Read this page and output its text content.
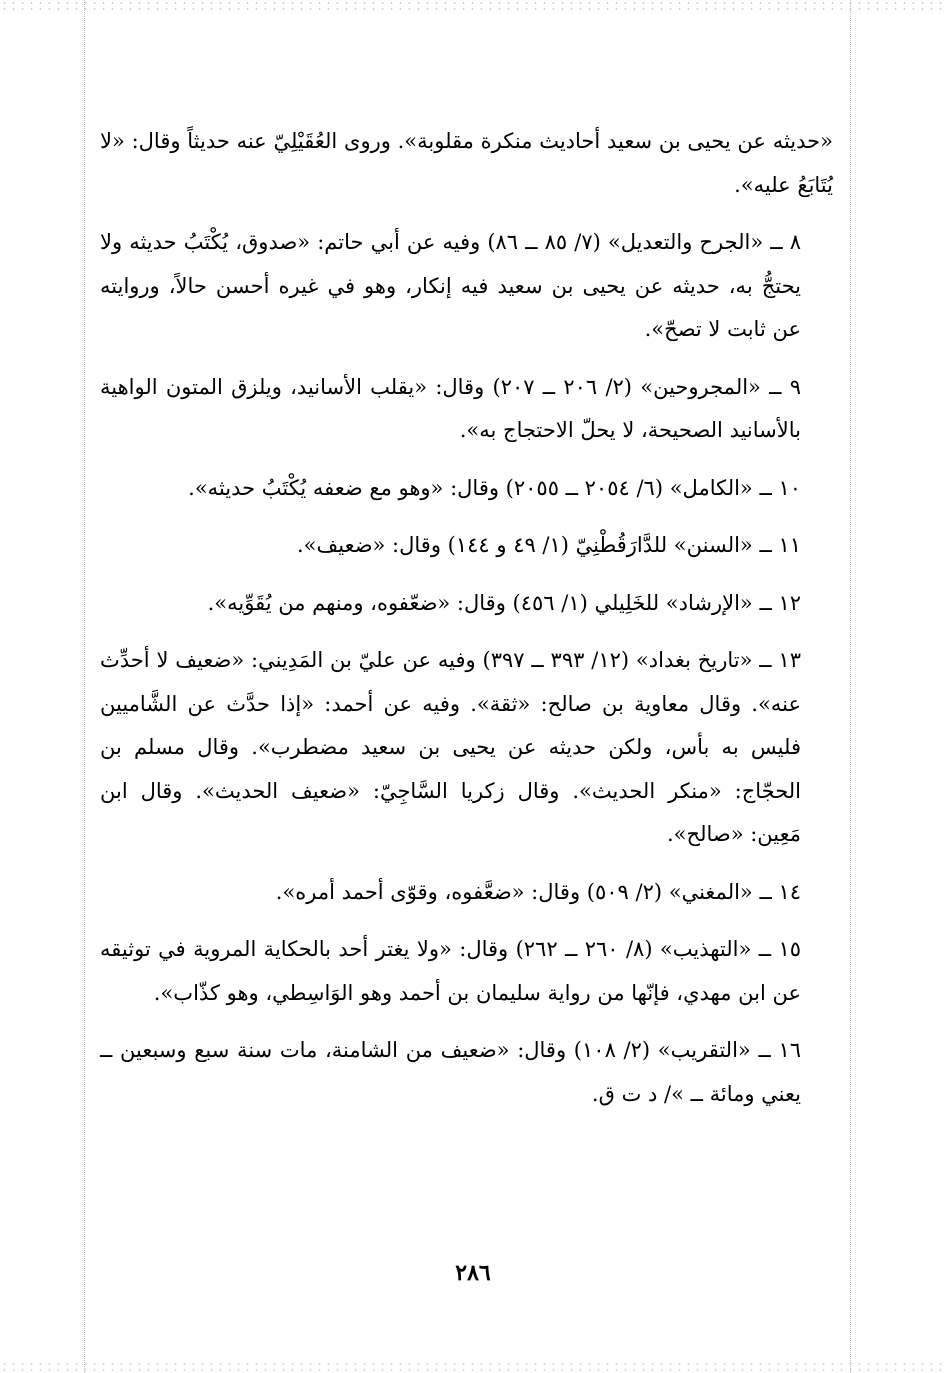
«حديثه عن يحيى بن سعيد أحاديث منكرة مقلوبة». وروى العُقَيْلِيّ عنه حديثاً وقال: «لا يُتَابَعُ عليه».

٨ ــ «الجرح والتعديل» (٧/ ٨٥ ــ ٨٦) وفيه عن أبي حاتم: «صدوق، يُكْتَبُ حديثه ولا يحتجُّ به، حديثه عن يحيى بن سعيد فيه إنكار، وهو في غيره أحسن حالاً، وروايته عن ثابت لا تصحّ».

٩ ــ «المجروحين» (٢/ ٢٠٦ ــ ٢٠٧) وقال: «يقلب الأسانيد، ويلزق المتون الواهية بالأسانيد الصحيحة، لا يحلّ الاحتجاج به».

١٠ ــ «الكامل» (٦/ ٢٠٥٤ ــ ٢٠٥٥) وقال: «وهو مع ضعفه يُكْتَبُ حديثه».

١١ ــ «السنن» للدَّارَقُطْنِيّ (١/ ٤٩ و ١٤٤) وقال: «ضعيف».

١٢ ــ «الإرشاد» للخَلِيلي (١/ ٤٥٦) وقال: «ضعّفوه، ومنهم من يُقَوِّيه».

١٣ ــ «تاريخ بغداد» (١٢/ ٣٩٣ ــ ٣٩٧) وفيه عن عليّ بن المَدِيني: «ضعيف لا أحدِّث عنه». وقال معاوية بن صالح: «ثقة». وفيه عن أحمد: «إذا حدَّث عن الشَّاميين فليس به بأس، ولكن حديثه عن يحيى بن سعيد مضطرب». وقال مسلم بن الحجّاج: «منكر الحديث». وقال زكريا السَّاجِيّ: «ضعيف الحديث». وقال ابن مَعِين: «صالح».

١٤ ــ «المغني» (٢/ ٥٠٩) وقال: «ضعَّفوه، وقوّى أحمد أمره».

١٥ ــ «التهذيب» (٨/ ٢٦٠ ــ ٢٦٢) وقال: «ولا يغتر أحد بالحكاية المروية في توثيقه عن ابن مهدي، فإنّها من رواية سليمان بن أحمد وهو الوَاسِطي، وهو كذّاب».

١٦ ــ «التقريب» (٢/ ١٠٨) وقال: «ضعيف من الشامنة، مات سنة سبع وسبعين ــ يعني ومائة ــ »/ د ت ق.

٢٨٦
